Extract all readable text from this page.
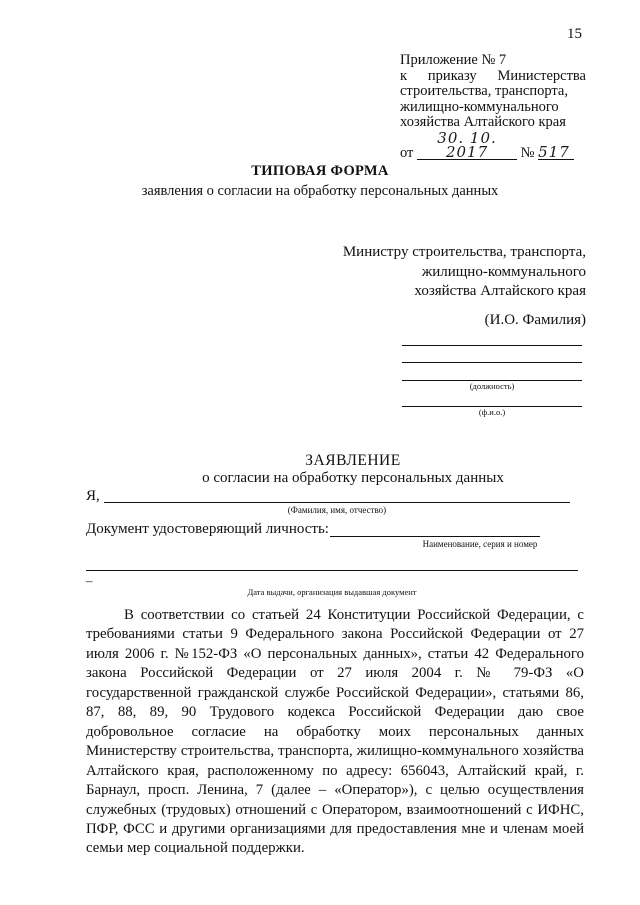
15
Приложение № 7
к приказу Министерства
строительства, транспорта,
жилищно-коммунального
хозяйства Алтайского края
от 30. 10. 2017 № 517
ТИПОВАЯ ФОРМА
заявления о согласии на обработку персональных данных
Министру строительства, транспорта,
жилищно-коммунального
хозяйства Алтайского края
(И.О. Фамилия)
(должность)
(ф.и.о.)
ЗАЯВЛЕНИЕ
о согласии на обработку персональных данных
Я,
(Фамилия, имя, отчество)
Документ удостоверяющий личность:
Наименование, серия и номер
–
Дата выдачи, организация выдавшая документ

В соответствии со статьей 24 Конституции Российской Федерации, с требованиями статьи 9 Федерального закона Российской Федерации от 27 июля 2006 г. №152-ФЗ «О персональных данных», статьи 42 Федерального закона Российской Федерации от 27 июля 2004 г. № 79-ФЗ «О государственной гражданской службе Российской Федерации», статьями 86, 87, 88, 89, 90 Трудового кодекса Российской Федерации даю свое добровольное согласие на обработку моих персональных данных Министерству строительства, транспорта, жилищно-коммунального хозяйства Алтайского края, расположенному по адресу: 656043, Алтайский край, г. Барнаул, просп. Ленина, 7 (далее – «Оператор»), с целью осуществления служебных (трудовых) отношений с Оператором, взаимоотношений с ИФНС, ПФР, ФСС и другими организациями для предоставления мне и членам моей семьи мер социальной поддержки.
